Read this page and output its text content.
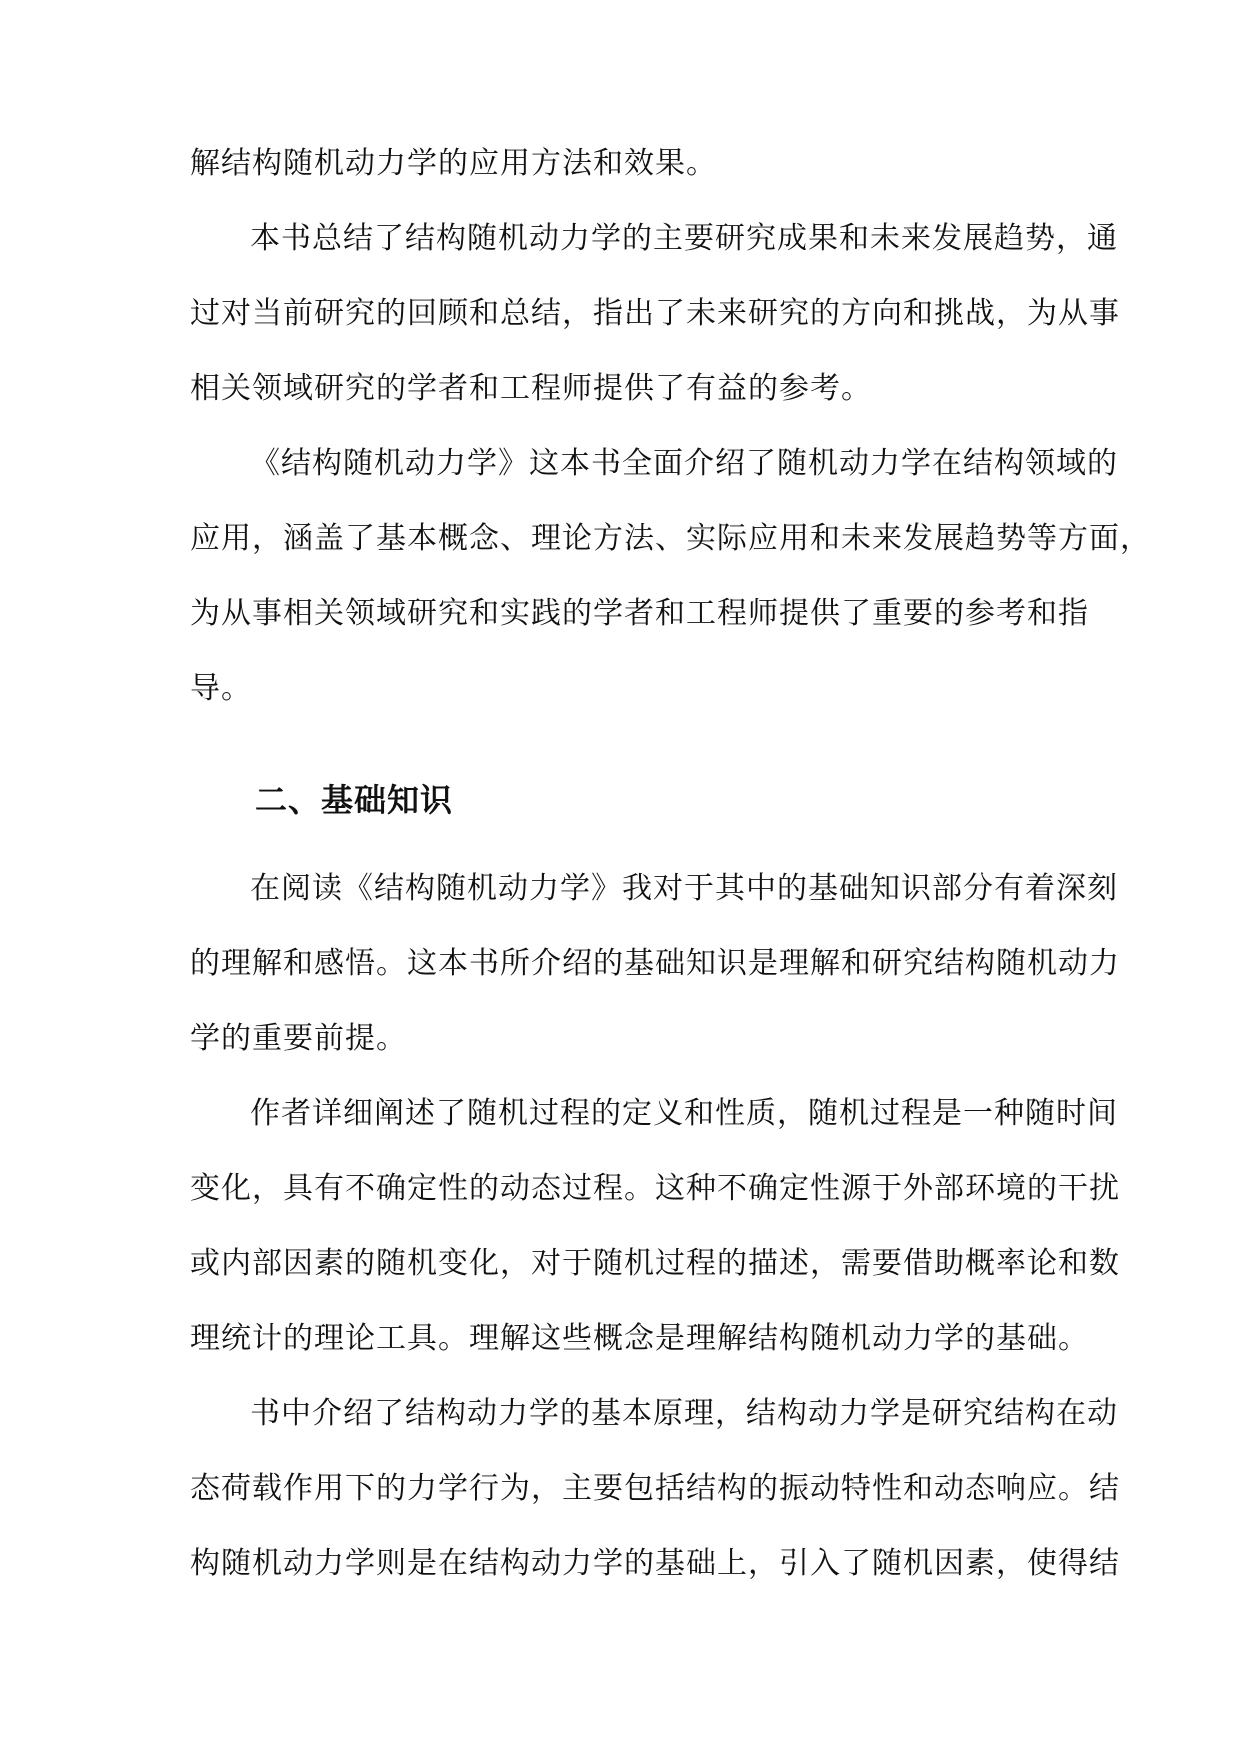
解结构随机动力学的应用方法和效果。
本书总结了结构随机动力学的主要研究成果和未来发展趋势，通
过对当前研究的回顾和总结，指出了未来研究的方向和挑战，为从事
相关领域研究的学者和工程师提供了有益的参考。
《结构随机动力学》这本书全面介绍了随机动力学在结构领域的
应用，涵盖了基本概念、理论方法、实际应用和未来发展趋势等方面，
为从事相关领域研究和实践的学者和工程师提供了重要的参考和指
导。
二、基础知识
在阅读《结构随机动力学》我对于其中的基础知识部分有着深刻
的理解和感悟。这本书所介绍的基础知识是理解和研究结构随机动力
学的重要前提。
作者详细阐述了随机过程的定义和性质，随机过程是一种随时间
变化，具有不确定性的动态过程。这种不确定性源于外部环境的干扰
或内部因素的随机变化，对于随机过程的描述，需要借助概率论和数
理统计的理论工具。理解这些概念是理解结构随机动力学的基础。
书中介绍了结构动力学的基本原理，结构动力学是研究结构在动
态荷载作用下的力学行为，主要包括结构的振动特性和动态响应。结
构随机动力学则是在结构动力学的基础上，引入了随机因素，使得结
